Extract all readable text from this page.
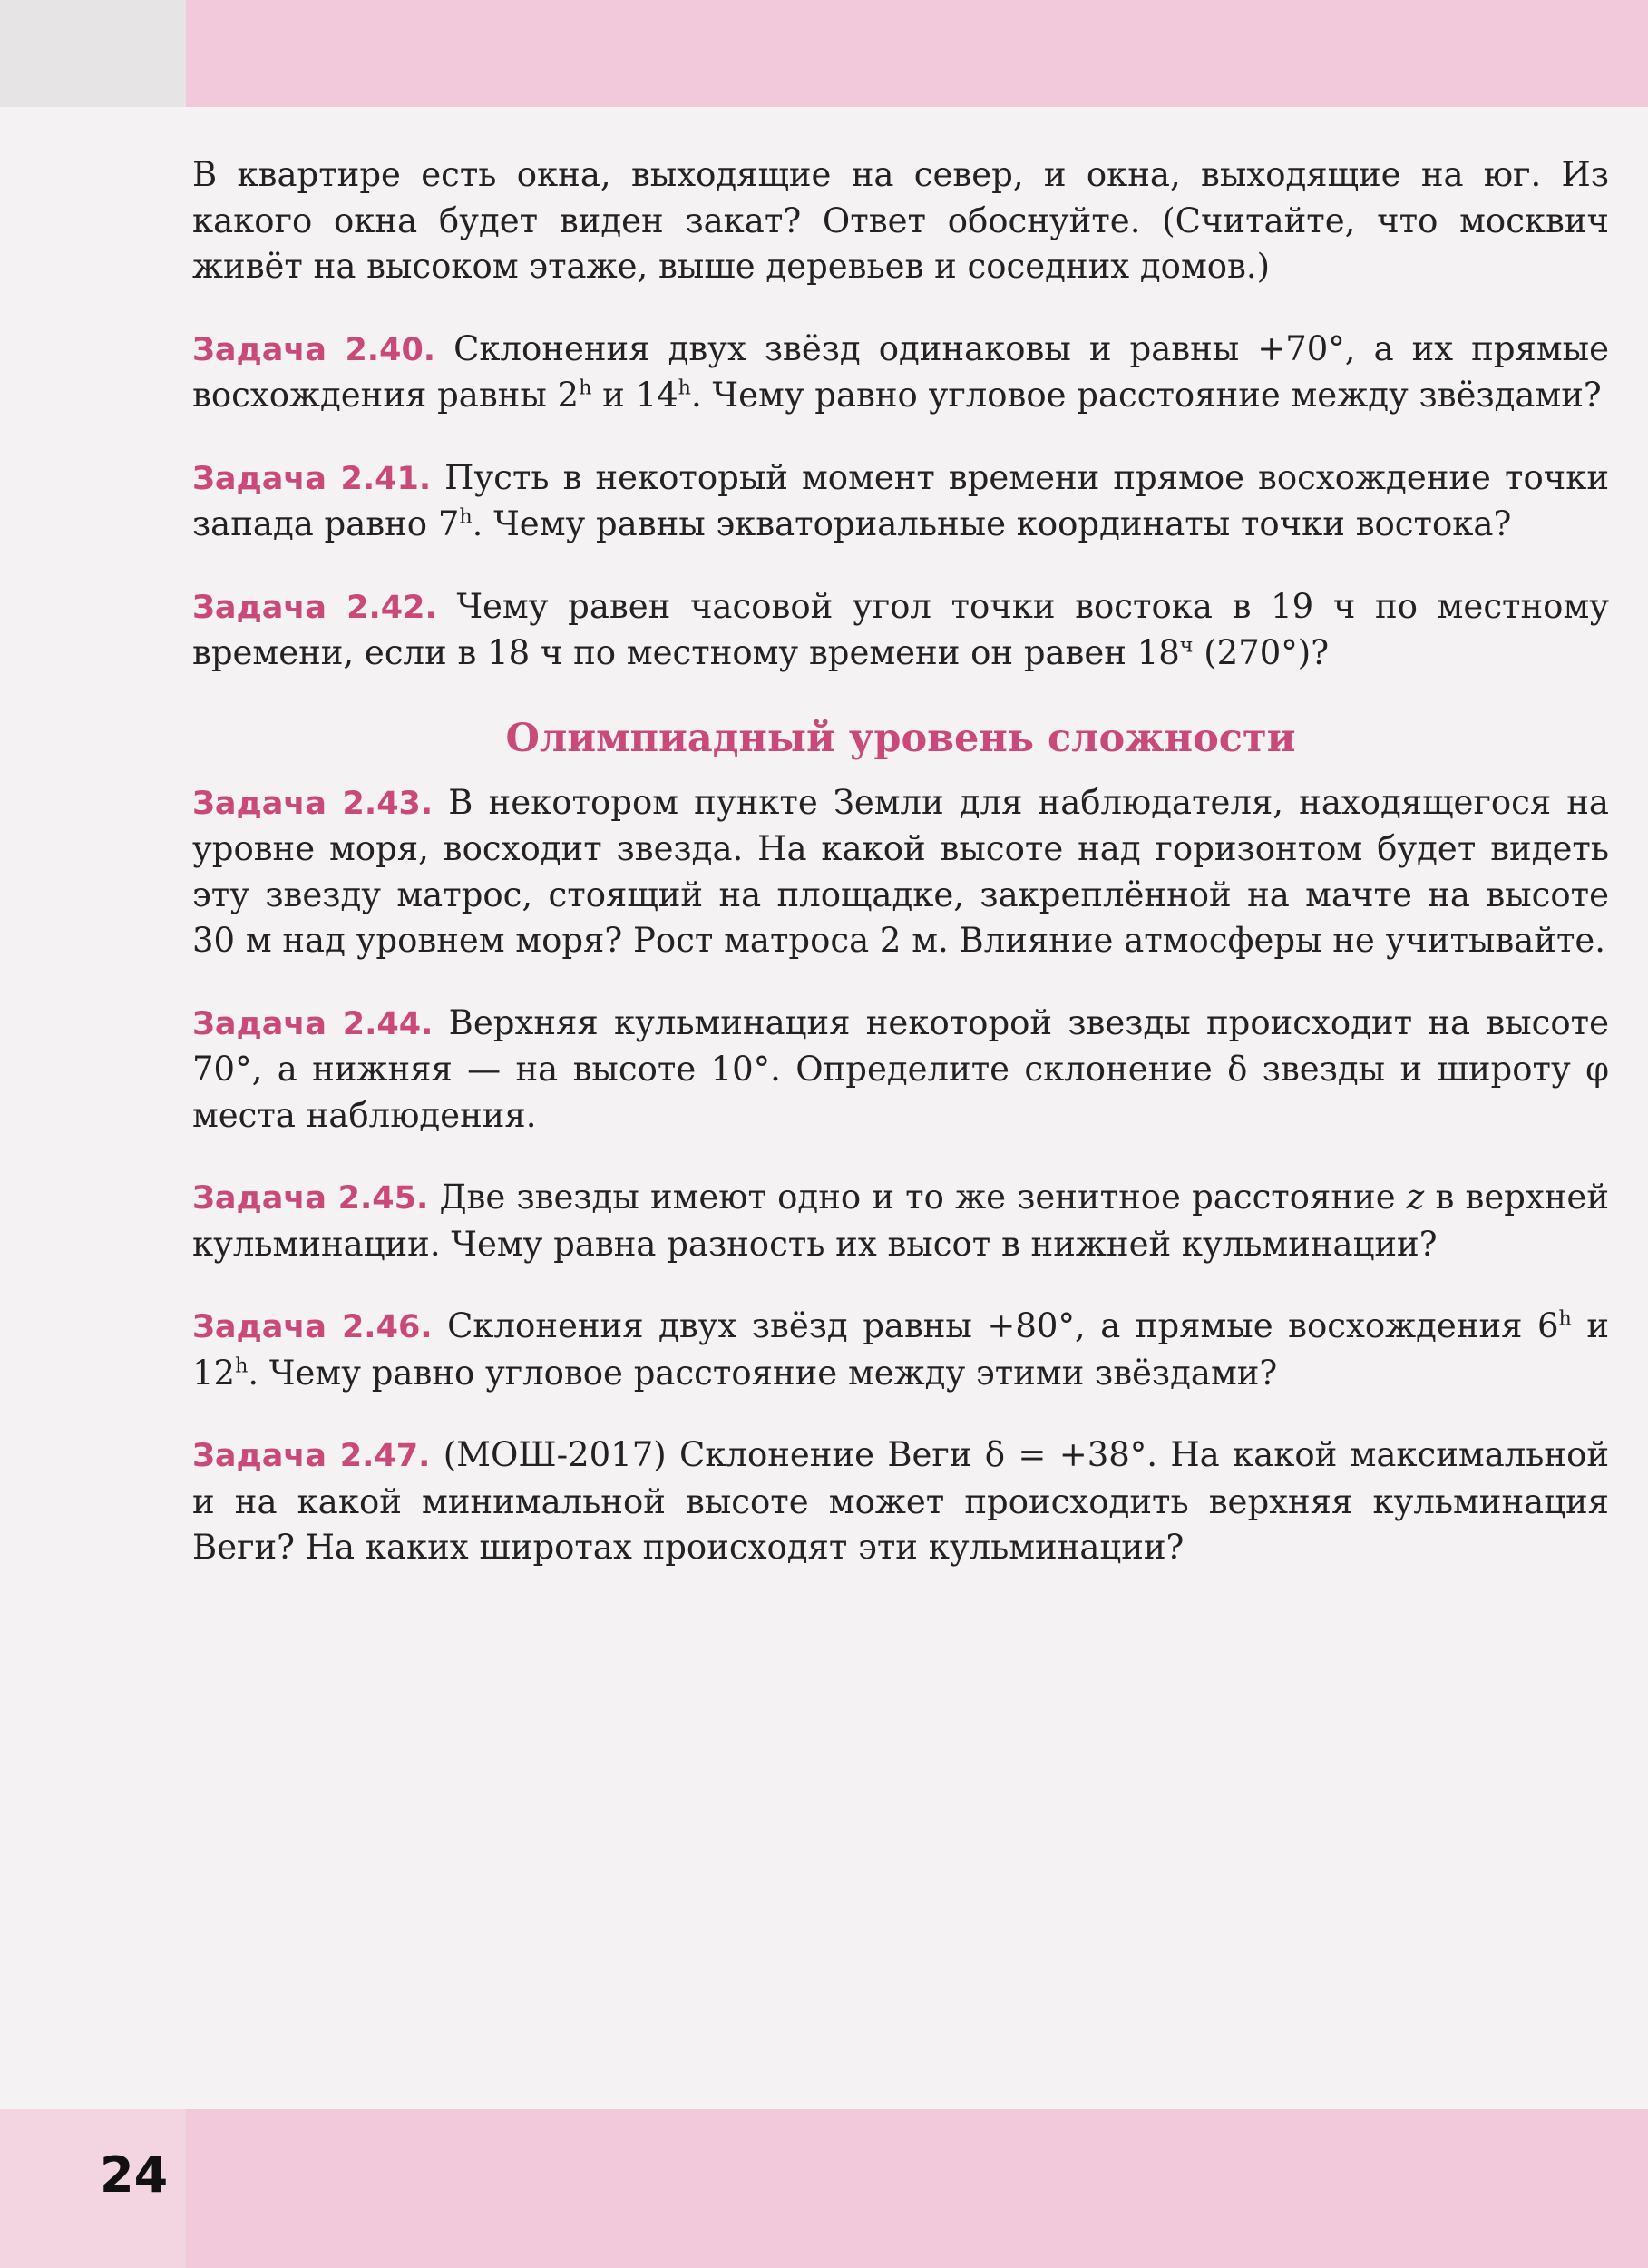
В квартире есть окна, выходящие на север, и окна, выходящие на юг. Из какого окна будет виден закат? Ответ обоснуйте. (Считайте, что москвич живёт на высоком этаже, выше деревьев и соседних домов.)

Задача 2.40. Склонения двух звёзд одинаковы и равны +70°, а их прямые восхождения равны 2$^h$ и 14$^h$. Чему равно угловое расстояние между звёздами?

Задача 2.41. Пусть в некоторый момент времени прямое восхождение точки запада равно 7$^h$. Чему равны экваториальные координаты точки востока?

Задача 2.42. Чему равен часовой угол точки востока в 19 ч по местному времени, если в 18 ч по местному времени он равен $18^ч$ (270°)?

Олимпиадный уровень сложности

Задача 2.43. В некотором пункте Земли для наблюдателя, находящегося на уровне моря, восходит звезда. На какой высоте над горизонтом будет видеть эту звезду матрос, стоящий на площадке, закреплённой на мачте на высоте 30 м над уровнем моря? Рост матроса 2 м. Влияние атмосферы не учитывайте.

Задача 2.44. Верхняя кульминация некоторой звезды происходит на высоте 70°, а нижняя — на высоте 10°. Определите склонение δ звезды и широту φ места наблюдения.

Задача 2.45. Две звезды имеют одно и то же зенитное расстояние z в верхней кульминации. Чему равна разность их высот в нижней кульминации?

Задача 2.46. Склонения двух звёзд равны +80°, а прямые восхождения 6$^h$ и 12$^h$. Чему равно угловое расстояние между этими звёздами?

Задача 2.47. (МОШ-2017) Склонение Веги δ = +38°. На какой максимальной и на какой минимальной высоте может происходить верхняя кульминация Веги? На каких широтах происходят эти кульминации?

24
